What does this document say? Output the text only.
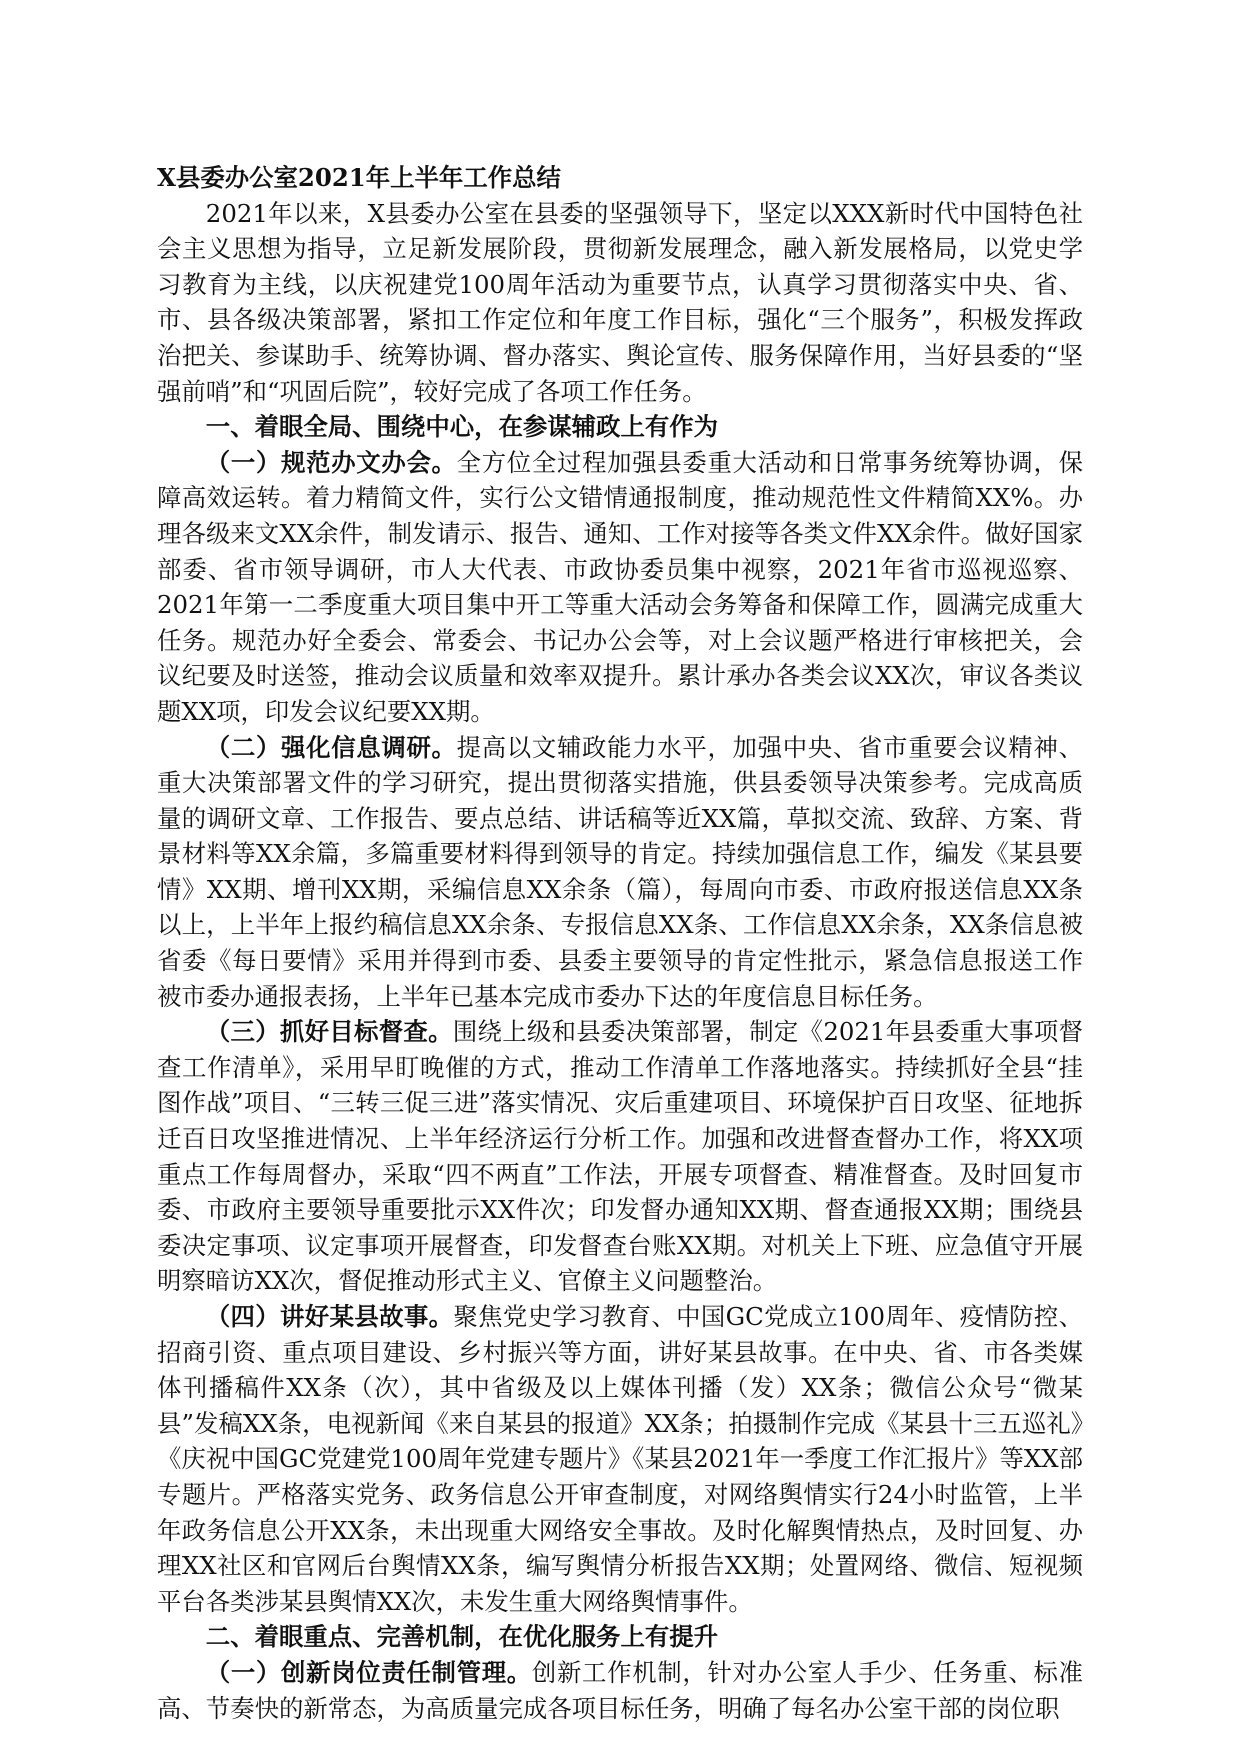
X县委办公室2021年上半年工作总结

2021年以来，X县委办公室在县委的坚强领导下，坚定以XXX新时代中国特色社会主义思想为指导，立足新发展阶段，贯彻新发展理念，融入新发展格局，以党史学习教育为主线，以庆祝建党100周年活动为重要节点，认真学习贯彻落实中央、省、市、县各级决策部署，紧扣工作定位和年度工作目标，强化“三个服务”，积极发挥政治把关、参谋助手、统筹协调、督办落实、舆论宣传、服务保障作用，当好县委的“坚强前哨”和“巩固后院”，较好完成了各项工作任务。

一、着眼全局、围绕中心，在参谋辅政上有作为

（一）规范办文办会。全方位全过程加强县委重大活动和日常事务统筹协调，保障高效运转。着力精简文件，实行公文错情通报制度，推动规范性文件精简XX%。办理各级来文XX余件，制发请示、报告、通知、工作对接等各类文件XX余件。做好国家部委、省市领导调研，市人大代表、市政协委员集中视察，2021年省市巡视巡察、2021年第一二季度重大项目集中开工等重大活动会务筹备和保障工作，圆满完成重大任务。规范办好全委会、常委会、书记办公会等，对上会议题严格进行审核把关，会议纪要及时送签，推动会议质量和效率双提升。累计承办各类会议XX次，审议各类议题XX项，印发会议纪要XX期。

（二）强化信息调研。提高以文辅政能力水平，加强中央、省市重要会议精神、重大决策部署文件的学习研究，提出贯彻落实措施，供县委领导决策参考。完成高质量的调研文章、工作报告、要点总结、讲话稿等近XX篇，草拟交流、致辞、方案、背景材料等XX余篇，多篇重要材料得到领导的肯定。持续加强信息工作，编发《某县要情》XX期、增刊XX期，采编信息XX余条（篇），每周向市委、市政府报送信息XX条以上，上半年上报约稿信息XX余条、专报信息XX条、工作信息XX余条，XX条信息被省委《每日要情》采用并得到市委、县委主要领导的肯定性批示，紧急信息报送工作被市委办通报表扬，上半年已基本完成市委办下达的年度信息目标任务。

（三）抓好目标督查。围绕上级和县委决策部署，制定《2021年县委重大事项督查工作清单》，采用早盯晚催的方式，推动工作清单工作落地落实。持续抓好全县“挂图作战”项目、“三转三促三进”落实情况、灾后重建项目、环境保护百日攻坚、征地拆迁百日攻坚推进情况、上半年经济运行分析工作。加强和改进督查督办工作，将XX项重点工作每周督办，采取“四不两直”工作法，开展专项督查、精准督查。及时回复市委、市政府主要领导重要批示XX件次；印发督办通知XX期、督查通报XX期；围绕县委决定事项、议定事项开展督查，印发督查台账XX期。对机关上下班、应急值守开展明察暗访XX次，督促推动形式主义、官僚主义问题整治。

（四）讲好某县故事。聚焦党史学习教育、中国GC党成立100周年、疫情防控、招商引资、重点项目建设、乡村振兴等方面，讲好某县故事。在中央、省、市各类媒体刊播稿件XX条（次），其中省级及以上媒体刊播（发）XX条；微信公众号“微某县”发稿XX条，电视新闻《来自某县的报道》XX条；拍摄制作完成《某县十三五巡礼》《庆祝中国GC党建党100周年党建专题片》《某县2021年一季度工作汇报片》等XX部专题片。严格落实党务、政务信息公开审查制度，对网络舆情实行24小时监管，上半年政务信息公开XX条，未出现重大网络安全事故。及时化解舆情热点，及时回复、办理XX社区和官网后台舆情XX条，编写舆情分析报告XX期；处置网络、微信、短视频平台各类涉某县舆情XX次，未发生重大网络舆情事件。

二、着眼重点、完善机制，在优化服务上有提升

（一）创新岗位责任制管理。创新工作机制，针对办公室人手少、任务重、标准高、节奏快的新常态，为高质量完成各项目标任务，明确了每名办公室干部的岗位职
